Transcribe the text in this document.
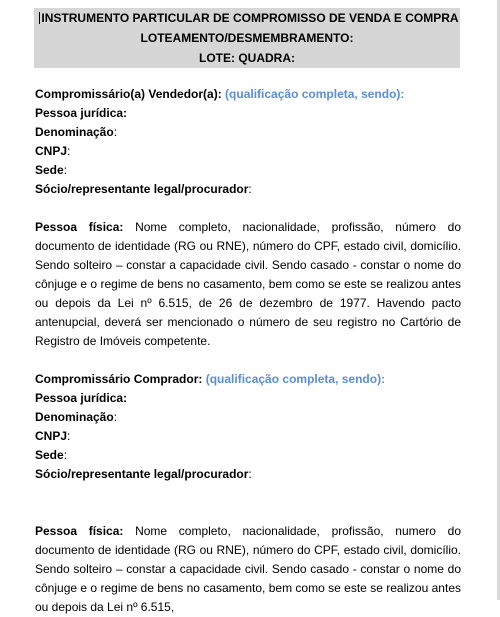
INSTRUMENTO PARTICULAR DE COMPROMISSO DE VENDA E COMPRA
LOTEAMENTO/DESMEMBRAMENTO:
LOTE: QUADRA:
Compromissário(a) Vendedor(a): (qualificação completa, sendo):
Pessoa jurídica:
Denominação:
CNPJ:
Sede:
Sócio/representante legal/procurador:

Pessoa física: Nome completo, nacionalidade, profissão, número do documento de identidade (RG ou RNE), número do CPF, estado civil, domicílio. Sendo solteiro – constar a capacidade civil. Sendo casado - constar o nome do cônjuge e o regime de bens no casamento, bem como se este se realizou antes ou depois da Lei nº 6.515, de 26 de dezembro de 1977. Havendo pacto antenupcial, deverá ser mencionado o número de seu registro no Cartório de Registro de Imóveis competente.

Compromissário Comprador: (qualificação completa, sendo):
Pessoa jurídica:
Denominação:
CNPJ:
Sede:
Sócio/representante legal/procurador:

Pessoa física: Nome completo, nacionalidade, profissão, numero do documento de identidade (RG ou RNE), número do CPF, estado civil, domicílio. Sendo solteiro – constar a capacidade civil. Sendo casado - constar o nome do cônjuge e o regime de bens no casamento, bem como se este se realizou antes ou depois da Lei nº 6.515,
